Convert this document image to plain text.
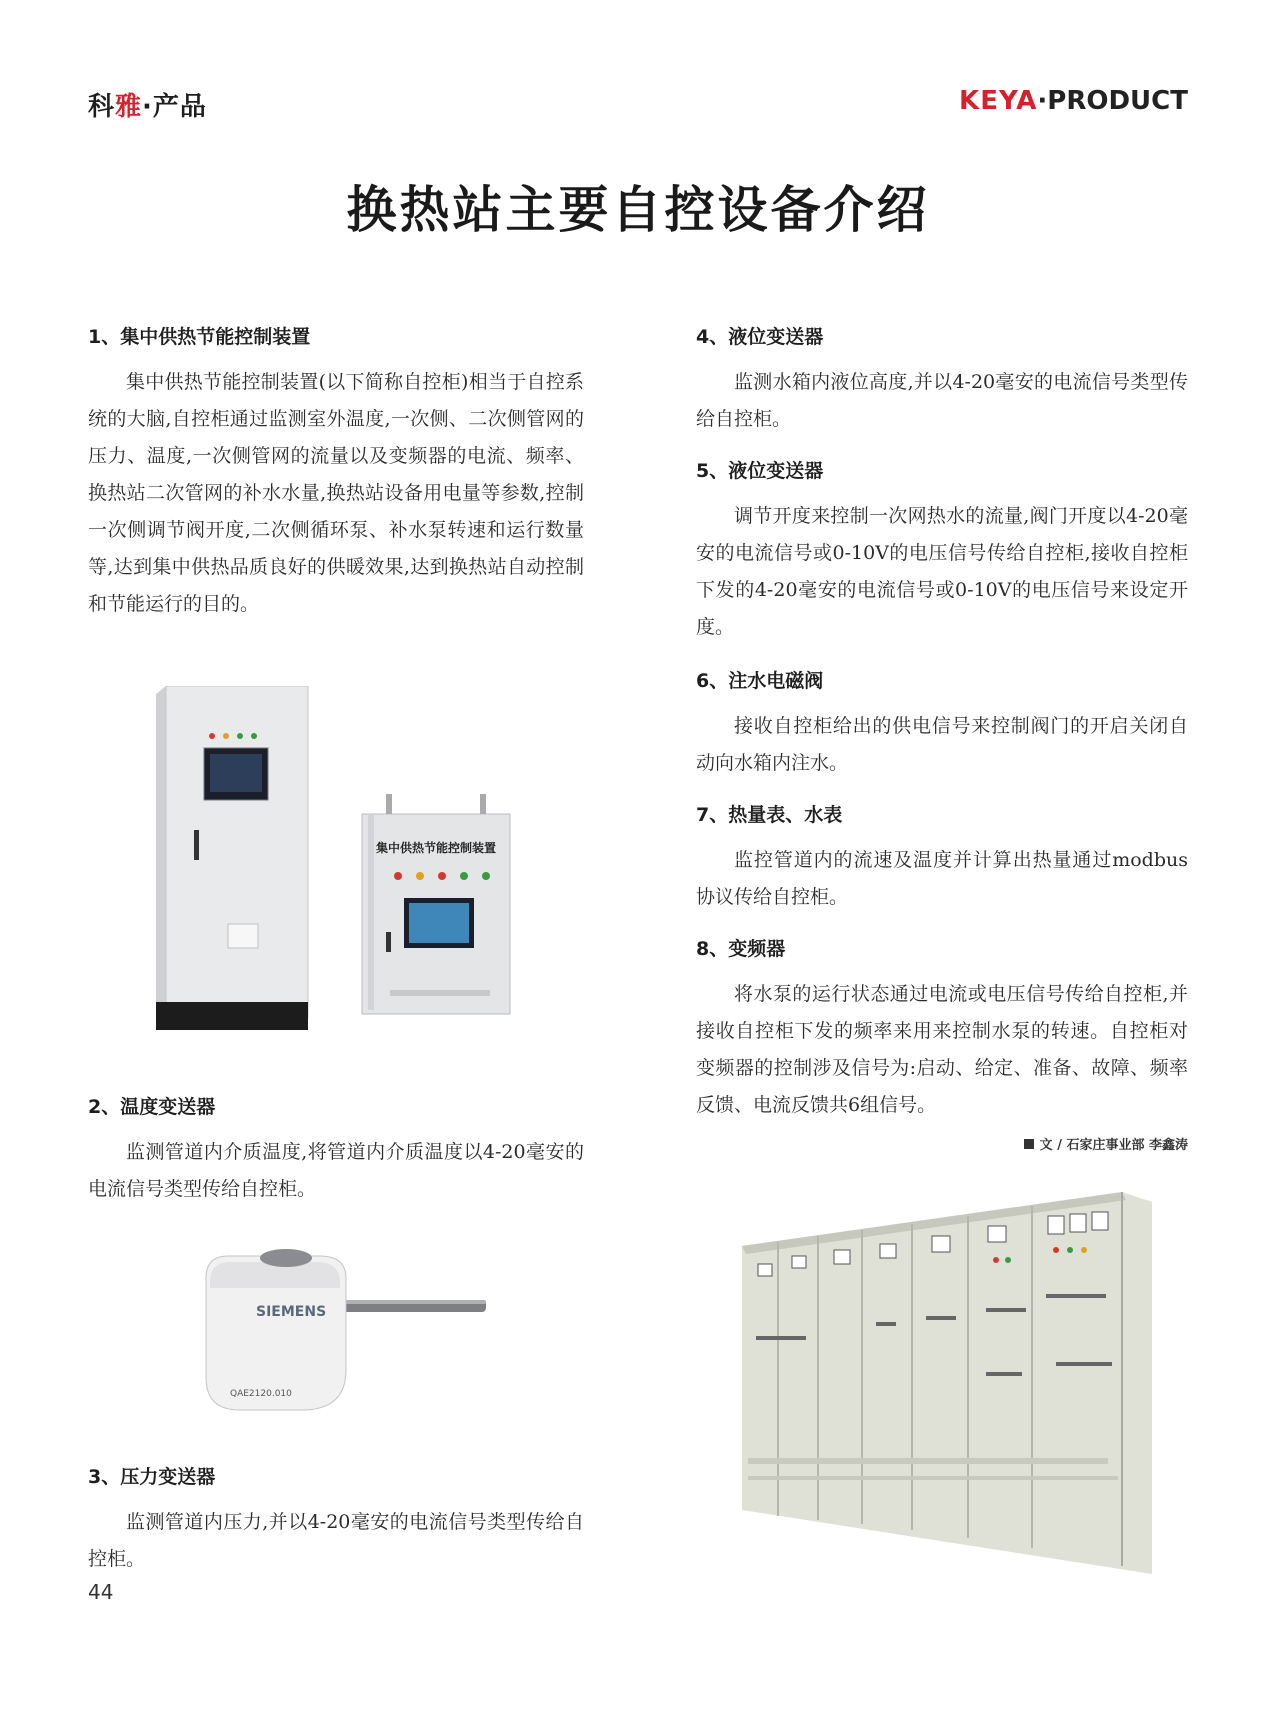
科雅·产品	KEYA·PRODUCT
换热站主要自控设备介绍
1、集中供热节能控制装置
集中供热节能控制装置(以下简称自控柜)相当于自控系统的大脑,自控柜通过监测室外温度,一次侧、二次侧管网的压力、温度,一次侧管网的流量以及变频器的电流、频率、换热站二次管网的补水水量,换热站设备用电量等参数,控制一次侧调节阀开度,二次侧循环泵、补水泵转速和运行数量等,达到集中供热品质良好的供暖效果,达到换热站自动控制和节能运行的目的。
集中供热节能控制装置
2、温度变送器
监测管道内介质温度,将管道内介质温度以4-20毫安的电流信号类型传给自控柜。
SIEMENS
QAE2120.010
3、压力变送器
监测管道内压力,并以4-20毫安的电流信号类型传给自控柜。
4、液位变送器
监测水箱内液位高度,并以4-20毫安的电流信号类型传给自控柜。
5、液位变送器
调节开度来控制一次网热水的流量,阀门开度以4-20毫安的电流信号或0-10V的电压信号传给自控柜,接收自控柜下发的4-20毫安的电流信号或0-10V的电压信号来设定开度。
6、注水电磁阀
接收自控柜给出的供电信号来控制阀门的开启关闭自动向水箱内注水。
7、热量表、水表
监控管道内的流速及温度并计算出热量通过modbus协议传给自控柜。
8、变频器
将水泵的运行状态通过电流或电压信号传给自控柜,并接收自控柜下发的频率来用来控制水泵的转速。自控柜对变频器的控制涉及信号为:启动、给定、准备、故障、频率反馈、电流反馈共6组信号。
文 / 石家庄事业部 李鑫涛
44
